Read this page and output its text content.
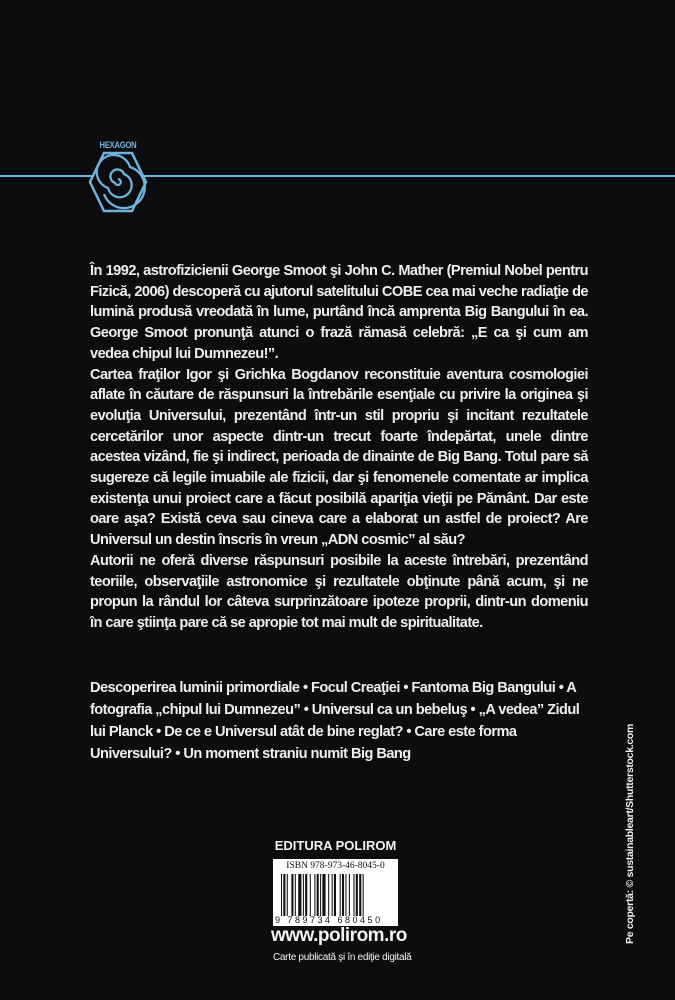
HEXAGON

În 1992, astrofizicienii George Smoot şi John C. Mather (Premiul Nobel pentru Fizică, 2006) descoperă cu ajutorul satelitului COBE cea mai veche radiaţie de lumină produsă vreodată în lume, purtând încă amprenta Big Bangului în ea. George Smoot pronunţă atunci o frază rămasă celebră: „E ca şi cum am vedea chipul lui Dumnezeu!”.

Cartea fraţilor Igor şi Grichka Bogdanov reconstituie aventura cosmologiei aflate în căutare de răspunsuri la întrebările esenţiale cu privire la originea şi evoluţia Universului, prezentând într-un stil propriu şi incitant rezultatele cercetărilor unor aspecte dintr-un trecut foarte îndepărtat, unele dintre acestea vizând, fie şi indirect, perioada de dinainte de Big Bang. Totul pare să sugereze că legile imuabile ale fizicii, dar şi fenomenele comentate ar implica existenţa unui proiect care a făcut posibilă apariţia vieţii pe Pământ. Dar este oare aşa? Există ceva sau cineva care a elaborat un astfel de proiect? Are Universul un destin înscris în vreun „ADN cosmic” al său?

Autorii ne oferă diverse răspunsuri posibile la aceste întrebări, prezentând teoriile, observaţiile astronomice şi rezultatele obţinute până acum, şi ne propun la rândul lor câteva surprinzătoare ipoteze proprii, dintr-un domeniu în care ştiinţa pare că se apropie tot mai mult de spiritualitate.

Descoperirea luminii primordiale • Focul Creaţiei • Fantoma Big Bangului • A fotografia „chipul lui Dumnezeu” • Universul ca un bebeluş • „A vedea” Zidul lui Planck • De ce e Universul atât de bine reglat? • Care este forma Universului? • Un moment straniu numit Big Bang
EDITURA POLIROM
ISBN 978-973-46-8045-0
9 789734 680450
www.polirom.ro
Carte publicată şi în ediţie digitală
Pe copertă: © sustainableart/Shutterstock.com
